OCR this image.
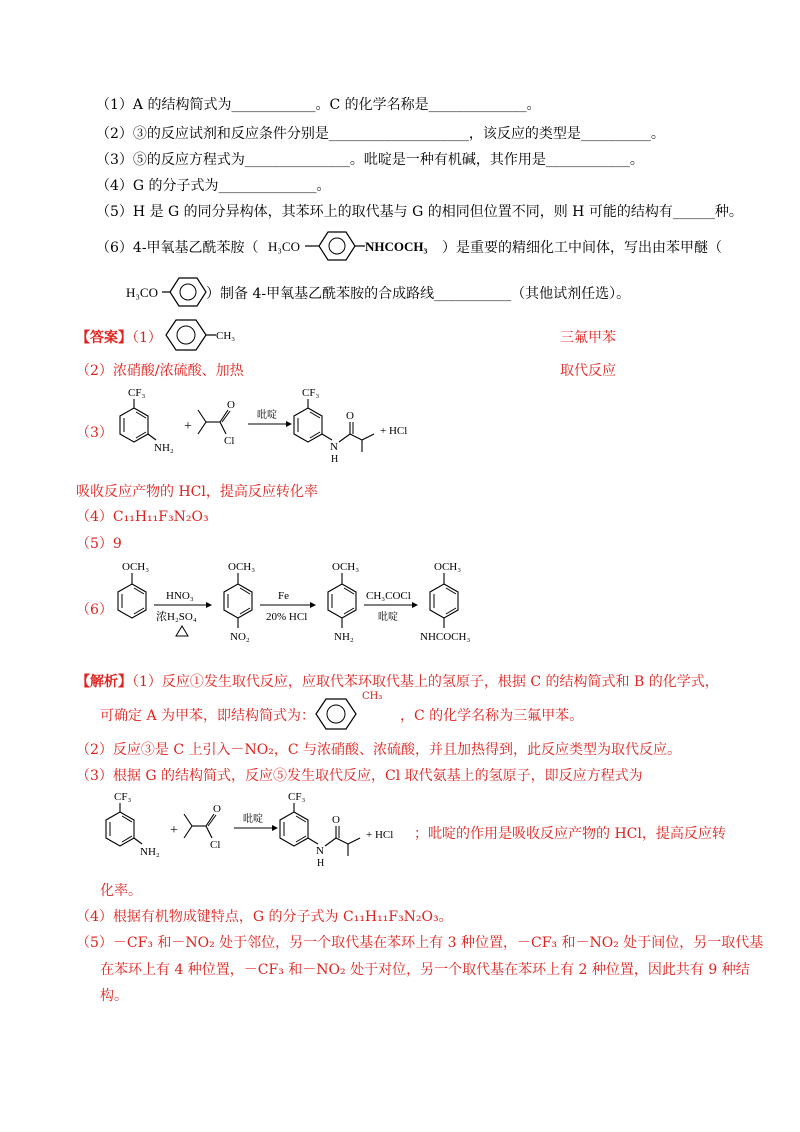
（1）A 的结构简式为____________。C 的化学名称是______________。
（2）③的反应试剂和反应条件分别是____________________，该反应的类型是__________。
（3）⑤的反应方程式为_______________。吡啶是一种有机碱，其作用是____________。
（4）G 的分子式为______________。
（5）H 是 G 的同分异构体，其苯环上的取代基与 G 的相同但位置不同，则 H 可能的结构有______种。
（6）4-甲氧基乙酰苯胺（ H₃CO	NHCOCH₃ ）是重要的精细化工中间体，写出由苯甲醚（
H₃CO	）制备 4-甲氧基乙酰苯胺的合成路线___________（其他试剂任选）。
【答案】（1）	CH₃	三氟甲苯
（2）浓硝酸/浓硫酸、加热	取代反应
（3）
CF₃
NH₂
+
O
Cl
吡啶
CF₃
N
H
O
+ HCl
吸收反应产物的 HCl，提高反应转化率
（4）C₁₁H₁₁F₃N₂O₃
（5）9
（6）
OCH₃
HNO₃
浓H₂SO₄
OCH₃
NO₂
Fe
20% HCl
OCH₃
NH₂
CH₃COCl
吡啶
OCH₃
NHCOCH₃
【解析】（1）反应①发生取代反应，应取代苯环取代基上的氢原子，根据 C 的结构简式和 B 的化学式，
CH₃
可确定 A 为甲苯，即结构简式为：	，C 的化学名称为三氟甲苯。
（2）反应③是 C 上引入－NO₂，C 与浓硝酸、浓硫酸，并且加热得到，此反应类型为取代反应。
（3）根据 G 的结构简式，反应⑤发生取代反应，Cl 取代氨基上的氢原子，即反应方程式为
CF₃
NH₂
+
O
Cl
吡啶
CF₃
N
H
O
+ HCl ；吡啶的作用是吸收反应产物的 HCl，提高反应转
化率。
（4）根据有机物成键特点，G 的分子式为 C₁₁H₁₁F₃N₂O₃。
（5）－CF₃ 和－NO₂ 处于邻位，另一个取代基在苯环上有 3 种位置，－CF₃ 和－NO₂ 处于间位，另一取代基
在苯环上有 4 种位置，－CF₃ 和－NO₂ 处于对位，另一个取代基在苯环上有 2 种位置，因此共有 9 种结
构。
